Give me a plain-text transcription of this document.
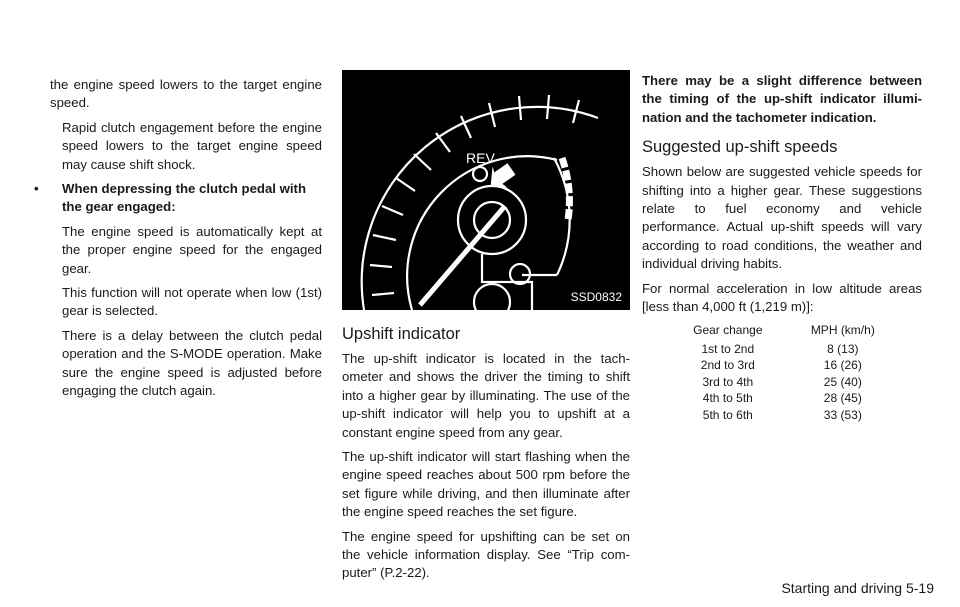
the engine speed lowers to the target engine speed.

Rapid clutch engagement before the engine speed lowers to the target engine speed may cause shift shock.

• When depressing the clutch pedal with the gear engaged:

The engine speed is automatically kept at the proper engine speed for the engaged gear.

This function will not operate when low (1st) gear is selected.

There is a delay between the clutch pedal operation and the S-MODE operation. Make sure the engine speed is adjusted before engaging the clutch again.

REV
SSD0832
Upshift indicator

The up-shift indicator is located in the tach-ometer and shows the driver the timing to shift into a higher gear by illuminating. The use of the up-shift indicator will help you to upshift at a constant engine speed from any gear.

The up-shift indicator will start flashing when the engine speed reaches about 500 rpm before the set figure while driving, and then illuminate after the engine speed reaches the set figure.

The engine speed for upshifting can be set on the vehicle information display. See “Trip com-puter” (P.2-22).

There may be a slight difference between the timing of the up-shift indicator illumi-nation and the tachometer indication.
Suggested up-shift speeds

Shown below are suggested vehicle speeds for shifting into a higher gear. These suggestions relate to fuel economy and vehicle performance. Actual up-shift speeds will vary according to road conditions, the weather and individual driving habits.

For normal acceleration in low altitude areas [less than 4,000 ft (1,219 m)]:

Gear change	MPH (km/h)
1st to 2nd	8 (13)
2nd to 3rd	16 (26)
3rd to 4th	25 (40)
4th to 5th	28 (45)
5th to 6th	33 (53)
Starting and driving 5-19
